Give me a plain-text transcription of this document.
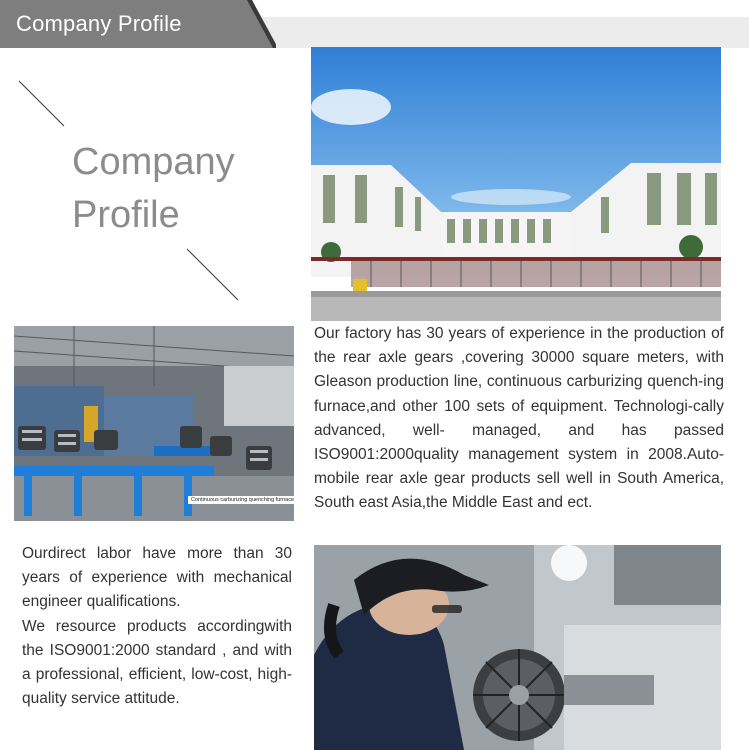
Company Profile
Company
Profile
Continuous carburizing quenching furnace

Our factory has 30 years of experience in the production of the rear axle gears ,covering 30000 square meters, with Gleason production line, continuous carburizing quench-ing furnace,and other 100 sets of equipment. Technologi-cally advanced, well- managed, and has passed ISO9001:2000quality management system in 2008.Auto-mobile rear axle gear products sell well in South America, South east Asia,the Middle East and ect.

Ourdirect labor have more than 30 years of experience with mechanical engineer qualifications.

We resource products accordingwith the ISO9001:2000 standard , and with a professional, efficient, low-cost, high-quality service attitude.
